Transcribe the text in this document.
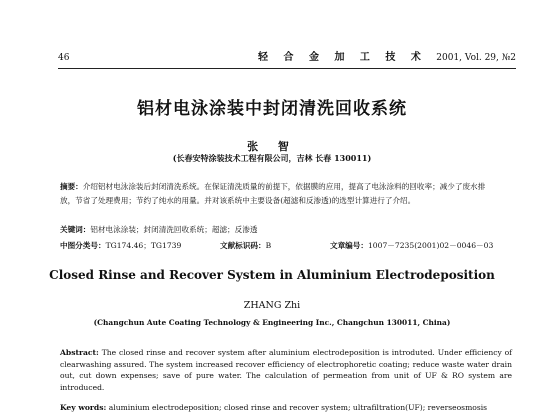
46	轻 合 金 加 工 技 术 2001, Vol. 29, №2
铝材电泳涂装中封闭清洗回收系统
张 智
(长春安特涂装技术工程有限公司，吉林 长春 130011)
摘要：介绍铝材电泳涂装后封闭清洗系统。在保证清洗质量的前提下，依据膜的应用，提高了电泳涂料的回收率；减少了废水排放，节省了处理费用；节约了纯水的用量。并对该系统中主要设备(超滤和反渗透)的选型计算进行了介绍。
关键词：铝材电泳涂装；封闭清洗回收系统；超滤；反渗透
中图分类号：TG174.46；TG1739	文献标识码：B	文章编号：1007－7235(2001)02－0046－03
Closed Rinse and Recover System in Aluminium Electrodeposition
ZHANG Zhi
(Changchun Aute Coating Technology & Engineering Inc., Changchun 130011, China)
Abstract: The closed rinse and recover system after aluminium electrodeposition is introduted. Under efficiency of clearwashing assured. The system increased recover efficiency of electrophoretic coating; reduce waste water drain out, cut down expenses; save of pure water. The calculation of permeation from unit of UF & RO system are introduced.
Key words: aluminium electrodeposition; closed rinse and recover system; ultrafiltration(UF); reverseosmosis
